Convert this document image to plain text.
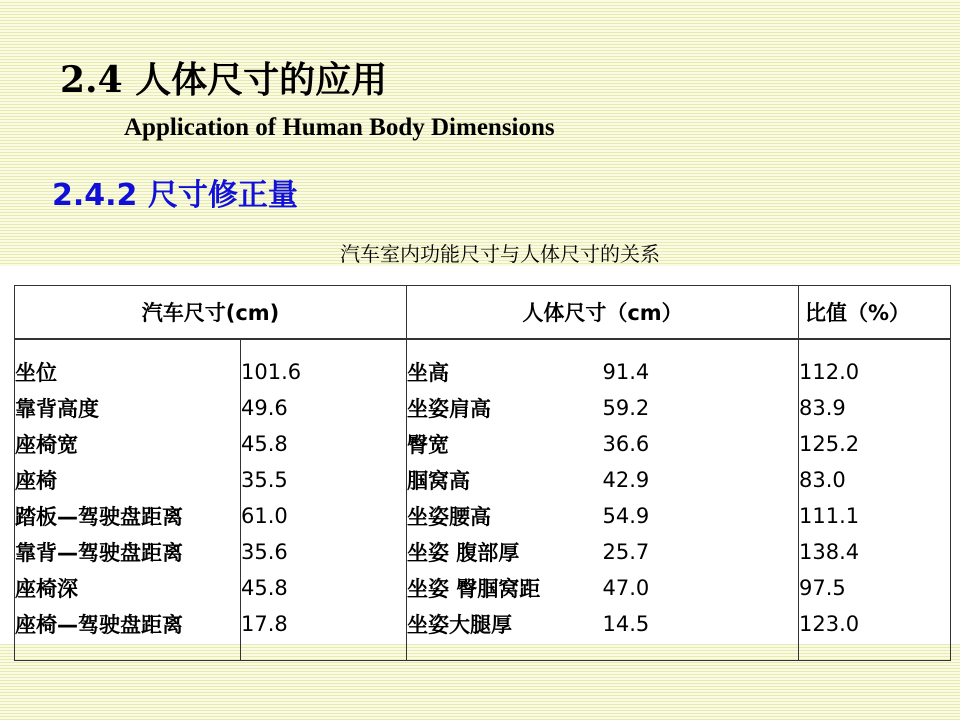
2.4 人体尺寸的应用
Application of Human Body Dimensions
2.4.2 尺寸修正量
汽车室内功能尺寸与人体尺寸的关系
汽车尺寸(cm)		人体尺寸（cm）		比值（%）
坐位	101.6	坐高	91.4	112.0
靠背高度	49.6	坐姿肩高	59.2	83.9
座椅宽	45.8	臀宽	36.6	125.2
座椅	35.5	腘窝高	42.9	83.0
踏板—驾驶盘距离	61.0	坐姿腰高	54.9	111.1
靠背—驾驶盘距离	35.6	坐姿 腹部厚	25.7	138.4
座椅深	45.8	坐姿 臀腘窝距	47.0	97.5
座椅—驾驶盘距离	17.8	坐姿大腿厚	14.5	123.0
